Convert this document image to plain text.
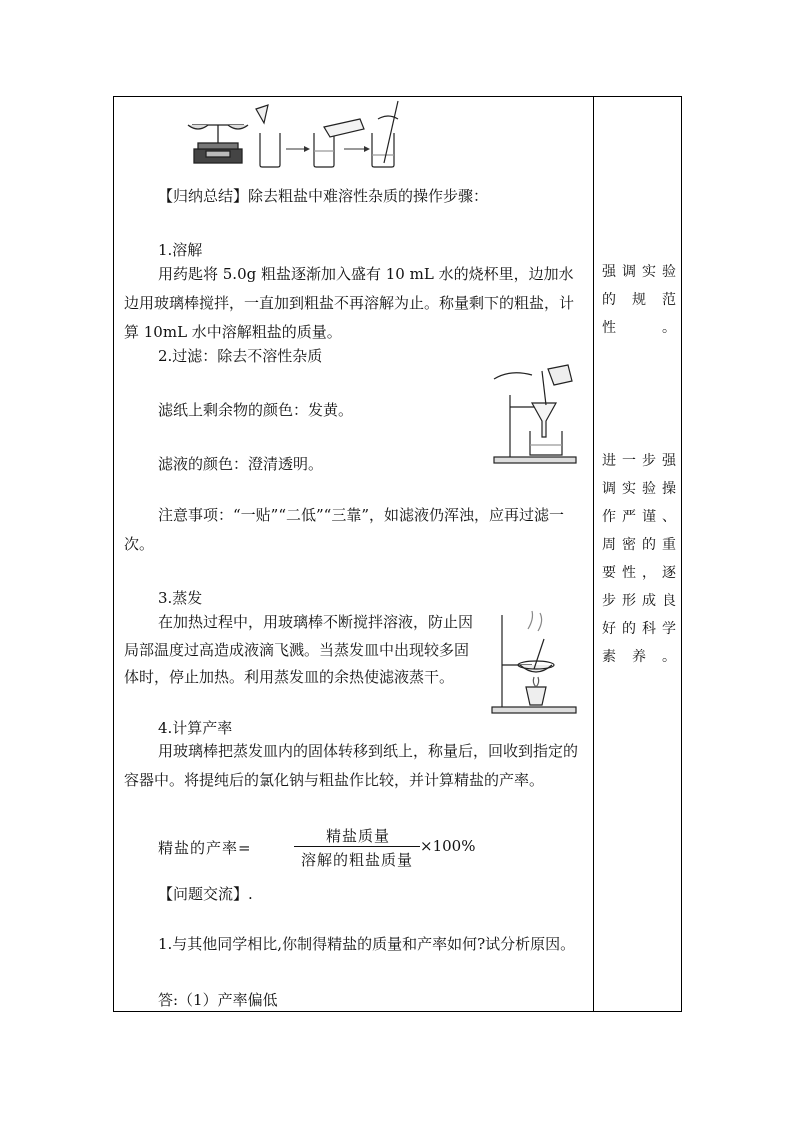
【归纳总结】除去粗盐中难溶性杂质的操作步骤：
1.溶解
用药匙将 5.0g 粗盐逐渐加入盛有 10 mL 水的烧杯里，边加水边用玻璃棒搅拌，一直加到粗盐不再溶解为止。称量剩下的粗盐，计算 10mL 水中溶解粗盐的质量。
2.过滤：除去不溶性杂质
滤纸上剩余物的颜色：发黄。
滤液的颜色：澄清透明。
注意事项：“一贴”“二低”“三靠”，如滤液仍浑浊，应再过滤一次。
3.蒸发
在加热过程中，用玻璃棒不断搅拌溶液，防止因局部温度过高造成液滴飞溅。当蒸发皿中出现较多固体时，停止加热。利用蒸发皿的余热使滤液蒸干。
4.计算产率
用玻璃棒把蒸发皿内的固体转移到纸上，称量后，回收到指定的容器中。将提纯后的氯化钠与粗盐作比较，并计算精盐的产率。
精盐的产率=
精盐质量
溶解的粗盐质量
×100%
【问题交流】.
1.与其他同学相比,你制得精盐的质量和产率如何?试分析原因。
答:（1）产率偏低
强调实验的规范性。
进一步强调实验操作严谨、周密的重要性，逐步形成良好的科学素养。
